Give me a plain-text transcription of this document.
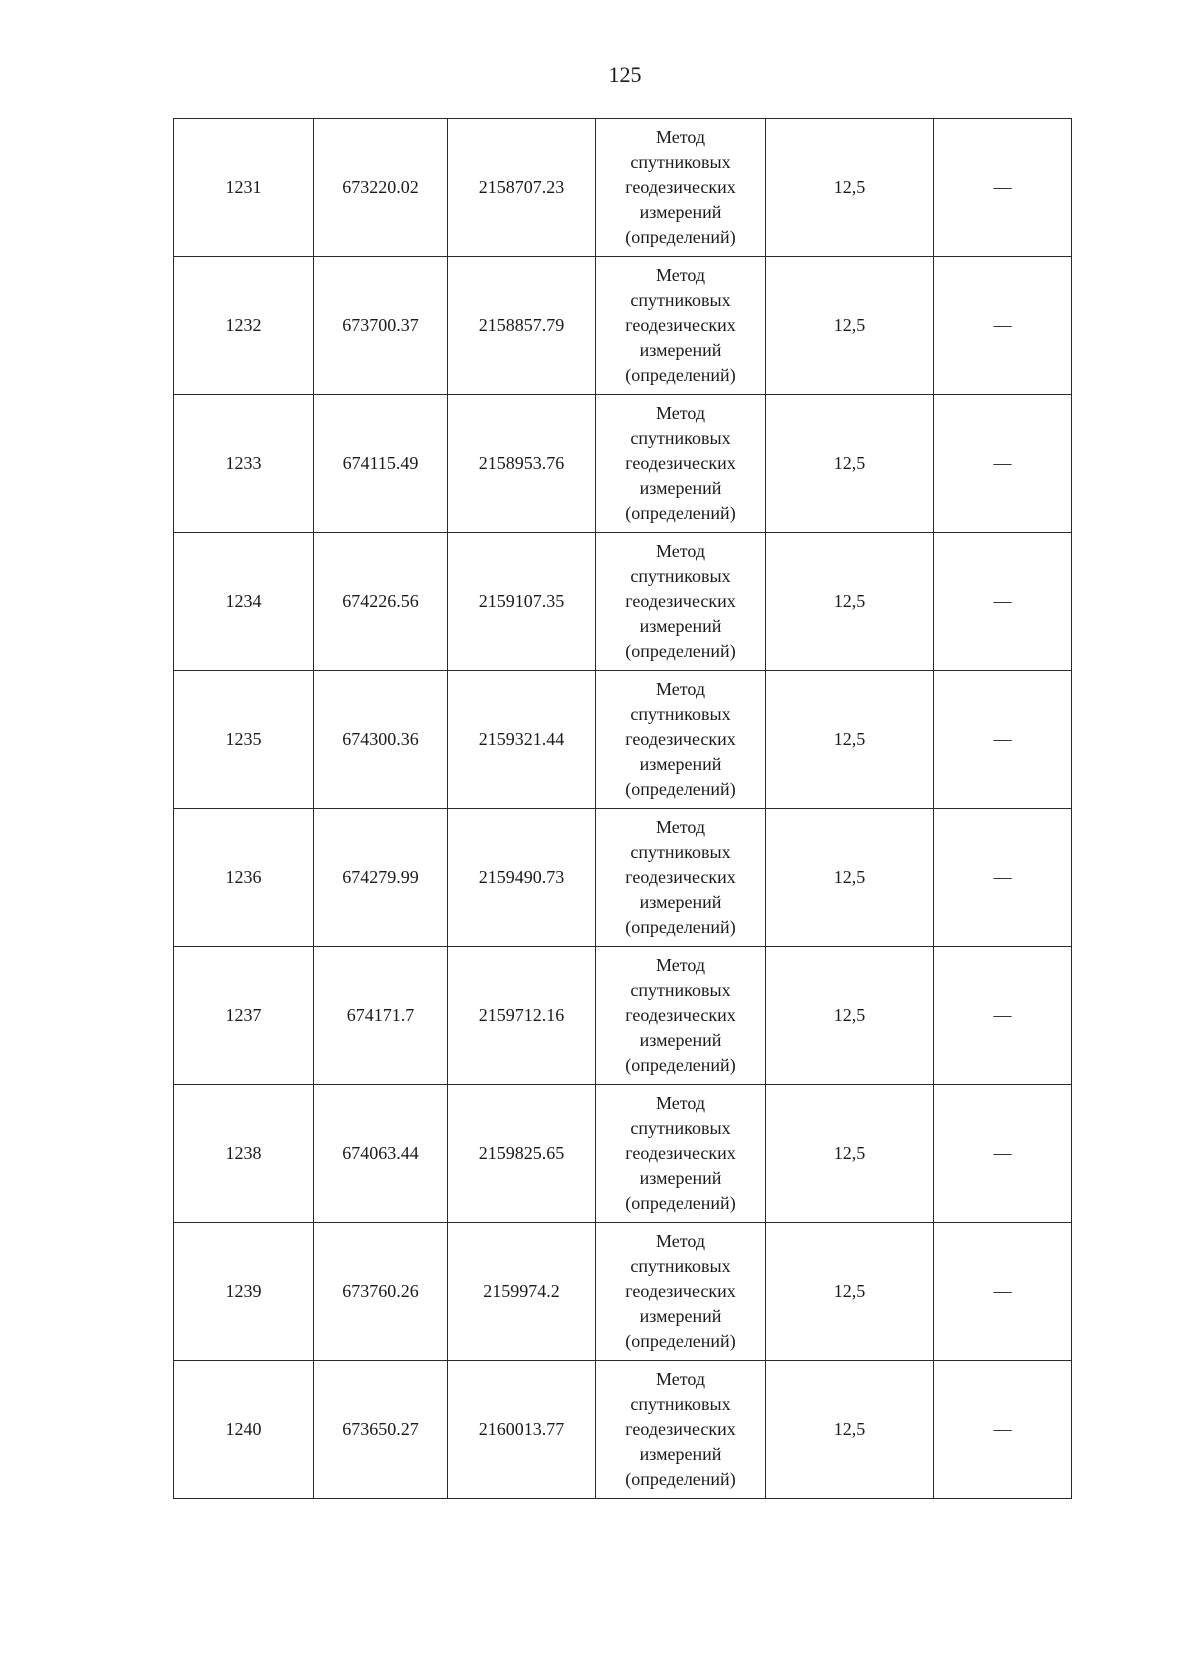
125
1231	673220.02	2158707.23	Метод
спутниковых
геодезических
измерений
(определений)	12,5	—
1232	673700.37	2158857.79	Метод
спутниковых
геодезических
измерений
(определений)	12,5	—
1233	674115.49	2158953.76	Метод
спутниковых
геодезических
измерений
(определений)	12,5	—
1234	674226.56	2159107.35	Метод
спутниковых
геодезических
измерений
(определений)	12,5	—
1235	674300.36	2159321.44	Метод
спутниковых
геодезических
измерений
(определений)	12,5	—
1236	674279.99	2159490.73	Метод
спутниковых
геодезических
измерений
(определений)	12,5	—
1237	674171.7	2159712.16	Метод
спутниковых
геодезических
измерений
(определений)	12,5	—
1238	674063.44	2159825.65	Метод
спутниковых
геодезических
измерений
(определений)	12,5	—
1239	673760.26	2159974.2	Метод
спутниковых
геодезических
измерений
(определений)	12,5	—
1240	673650.27	2160013.77	Метод
спутниковых
геодезических
измерений
(определений)	12,5	—
